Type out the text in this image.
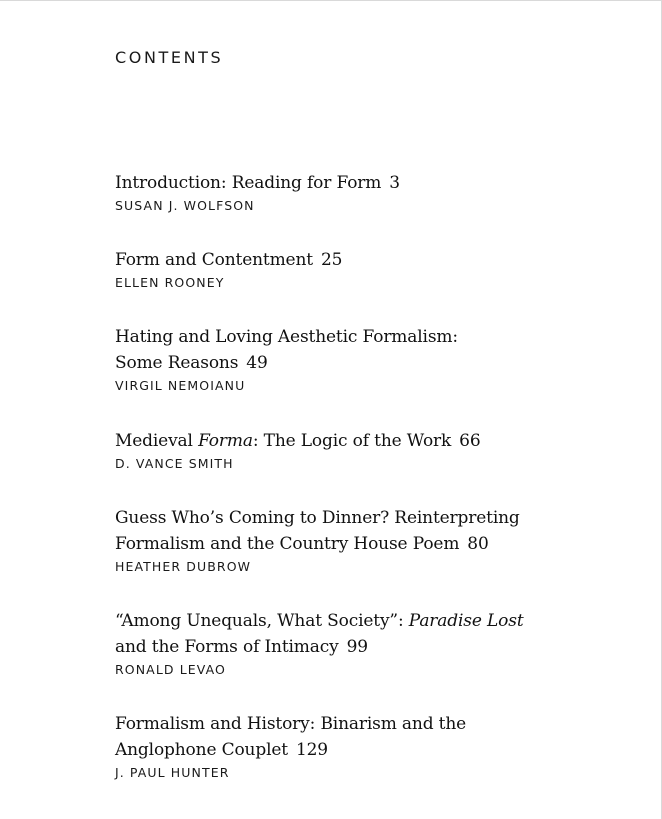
CONTENTS
Introduction: Reading for Form 3
SUSAN J. WOLFSON
Form and Contentment 25
ELLEN ROONEY
Hating and Loving Aesthetic Formalism:
Some Reasons 49
VIRGIL NEMOIANU
Medieval Forma: The Logic of the Work 66
D. VANCE SMITH
Guess Who’s Coming to Dinner? Reinterpreting
Formalism and the Country House Poem 80
HEATHER DUBROW
“Among Unequals, What Society”: Paradise Lost
and the Forms of Intimacy 99
RONALD LEVAO
Formalism and History: Binarism and the
Anglophone Couplet 129
J. PAUL HUNTER
